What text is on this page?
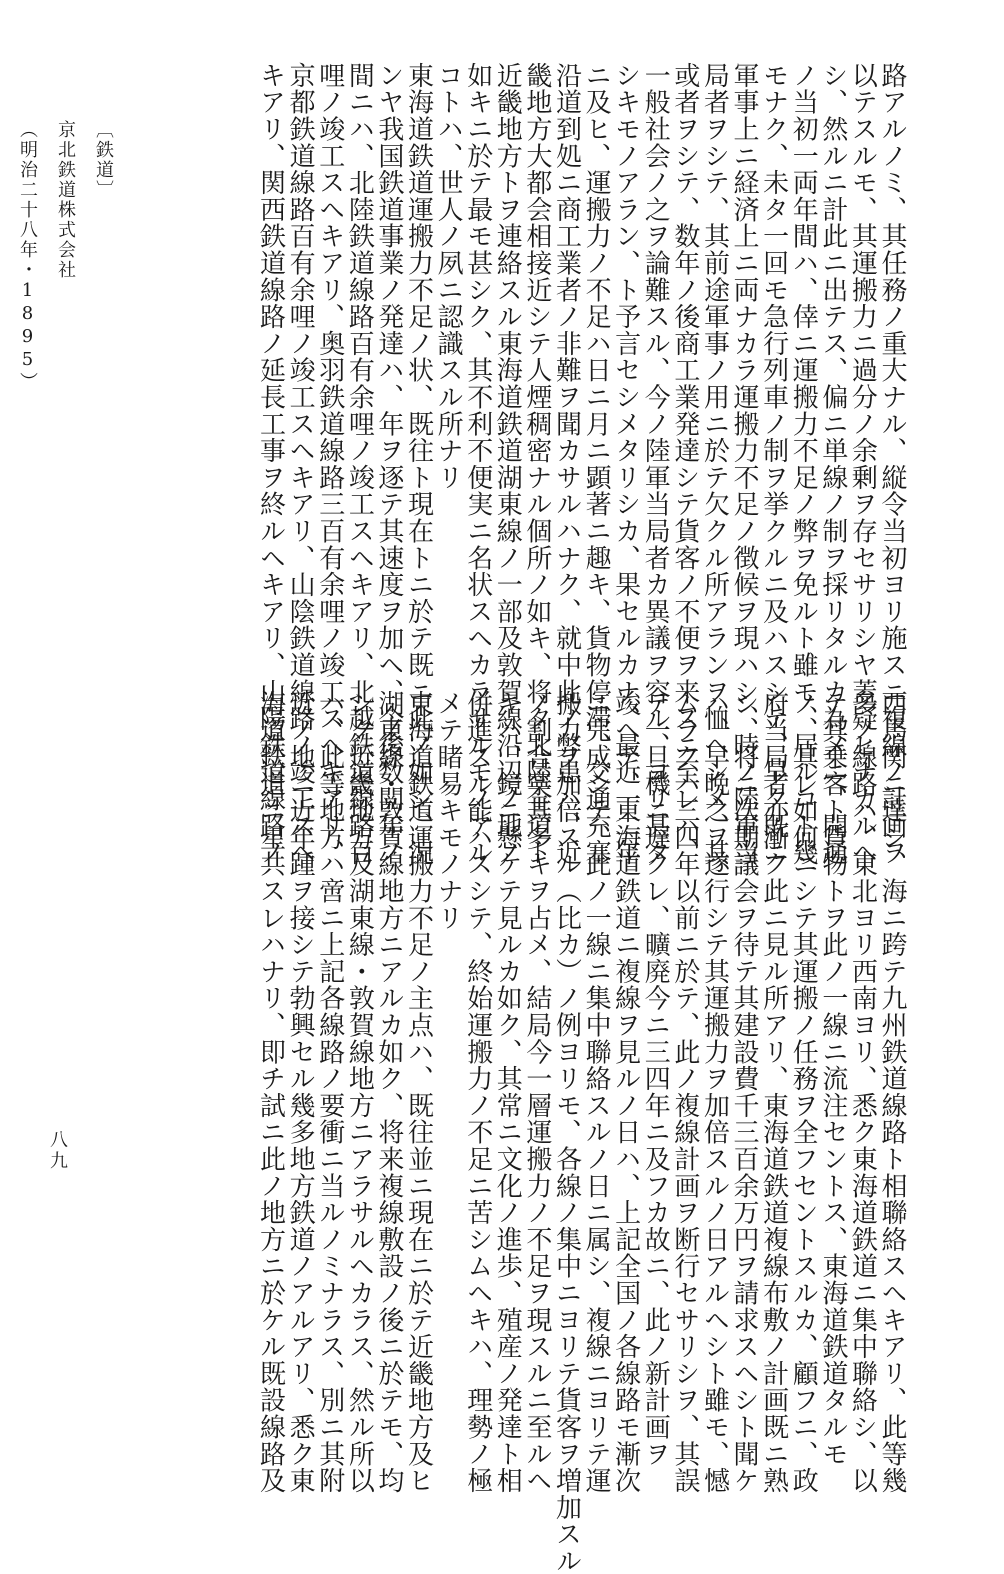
路アルノミ、其任務ノ重大ナル、縦令当初ヨリ施スニ複線ノ計画ヲ
以テスルモ、其運搬力ニ過分ノ余剰ヲ存セサリシヤ蓋疑ヒナカルヘ
シ、然ルニ計此ニ出テス、偏ニ単線ノ制ヲ採リタルカ為メニ、開通
ノ当初一両年間ハ、倖ニ運搬力不足ノ弊ヲ免ルト雖モ、居ルコト幾
モナク、未タ一回モ急行列車ノ制ヲ挙クルニ及ハスシテ、早ク既ニ
軍事上ニ経済上ニ両ナカラ運搬力不足ノ徴候ヲ現ハシ、時ノ陸軍当
局者ヲシテ、其前途軍事ノ用ニ於テ欠クル所アランヲ恤ヘシメ、其
或者ヲシテ、数年ノ後商工業発達シテ貨客ノ不便ヲ来スニ至レハ、
一般社会ノ之ヲ論難スル、今ノ陸軍当局者カ異議ヲ容ル、ヨリ甚タ
シキモノアラン、ト予言セシメタリシカ、果セルカナ、最近一二年
ニ及ヒ、運搬力ノ不足ハ日ニ月ニ顕著ニ趣キ、貨物停滞、交通充塞
沿道到処ニ商工業者ノ非難ヲ聞カサルハナク、就中此ノ弊患ハ、近
畿地方大都会相接近シテ人煙稠密ナル個所ノ如キ、将タ北陸全道ト
近畿地方トヲ連絡スル東海道鉄道湖東線ノ一部及敦賀線沿辺ノ地ノ
如キニ於テ最モ甚シク、其不利不便実ニ名状スヘカラサルモノアル
コトハ、世人ノ夙ニ認識スル所ナリ
東海道鉄道運搬力不足ノ状、既往ト現在トニ於テ既ニ此ノ如シ、況
ンヤ我国鉄道事業ノ発達ハ、年ヲ逐テ其速度ヲ加ヘ、今後数閲年ノ
間ニハ、北陸鉄道線路百有余哩ノ竣工スヘキアリ、北越鉄道線路百
哩ノ竣工スヘキアリ、奥羽鉄道線路三百有余哩ノ竣工スヘキアリ、
京都鉄道線路百有余哩ノ竣工スヘキアリ、山陰鉄道線路ノ竣工スヘ
キアリ、関西鉄道線路ノ延長工事ヲ終ルヘキアリ、山陽鉄道線路ノ
西馬関ニ達シ、海ニ跨テ九州鉄道線路ト相聯絡スヘキアリ、此等幾
多ノ線路ハ、東北ヨリ西南ヨリ、悉ク東海道鉄道ニ集中聯絡シ、以
テ其乗客ト貨物トヲ此ノ一線ニ流注セントス、東海道鉄道タルモ
ノ、其レ如何ニシテ其運搬ノ任務ヲ全フセントスルカ、顧フニ、政
府当局者亦漸ク此ニ見ル所アリ、東海道鉄道複線布敷ノ計画既ニ熟
シ、将ニ次期議会ヲ待テ其建設費千三百余万円ヲ請求スヘシト聞ケ
ハ、早晩之ヲ遂行シテ其運搬力ヲ加倍スルノ日アルヘシト雖モ、憾
ムラクハ三四年以前ニ於テ、此ノ複線計画ヲ断行セサリシヲ、其誤
テ一旦機ニ遅クレ、曠廃今ニ三四年ニ及フカ故ニ、此ノ新計画ヲ
竣ヘテ、東海道鉄道ニ複線ヲ見ルノ日ハ、上記全国ノ各線路モ漸次
ニ完成シテ、此ノ一線ニ集中聯絡スルノ日ニ属シ、複線ニヨリテ運
搬力ヲ加倍スル（比カ）ノ例ヨリモ、各線ノ集中ニヨリテ貨客ヲ増加スル
ノ割合寧其多キヲ占メ、結局今一層運搬力ノ不足ヲ現スルニ至ルヘ
キハ、鏡ニ懸ケテ見ルカ如ク、其常ニ文化ノ進歩、殖産ノ発達ト相
併進スル能ハスシテ、終始運搬力ノ不足ニ苦シムヘキハ、理勢ノ極
メテ睹易キモノナリ
東海道鉄道運搬力不足ノ主点ハ、既往並ニ現在ニ於テ近畿地方及ヒ
湖東線・敦賀線地方ニアルカ如ク、将来複線敷設ノ後ニ於テモ、均
シク近畿地方及湖東線・敦賀線地方ニアラサルヘカラス、然ル所以
ハ、此等地方ハ啻ニ上記各線路ノ要衝ニ当ルノミナラス、別ニ其附
近ノ地ニ近年踵ヲ接シテ勃興セル幾多地方鉄道ノアルアリ、悉ク東
海道鉄道ニ星共スレハナリ、即チ試ニ此ノ地方ニ於ケル既設線路及
〔鉄道〕
京北鉄道株式会社
（明治二十八年・1895）
八九
